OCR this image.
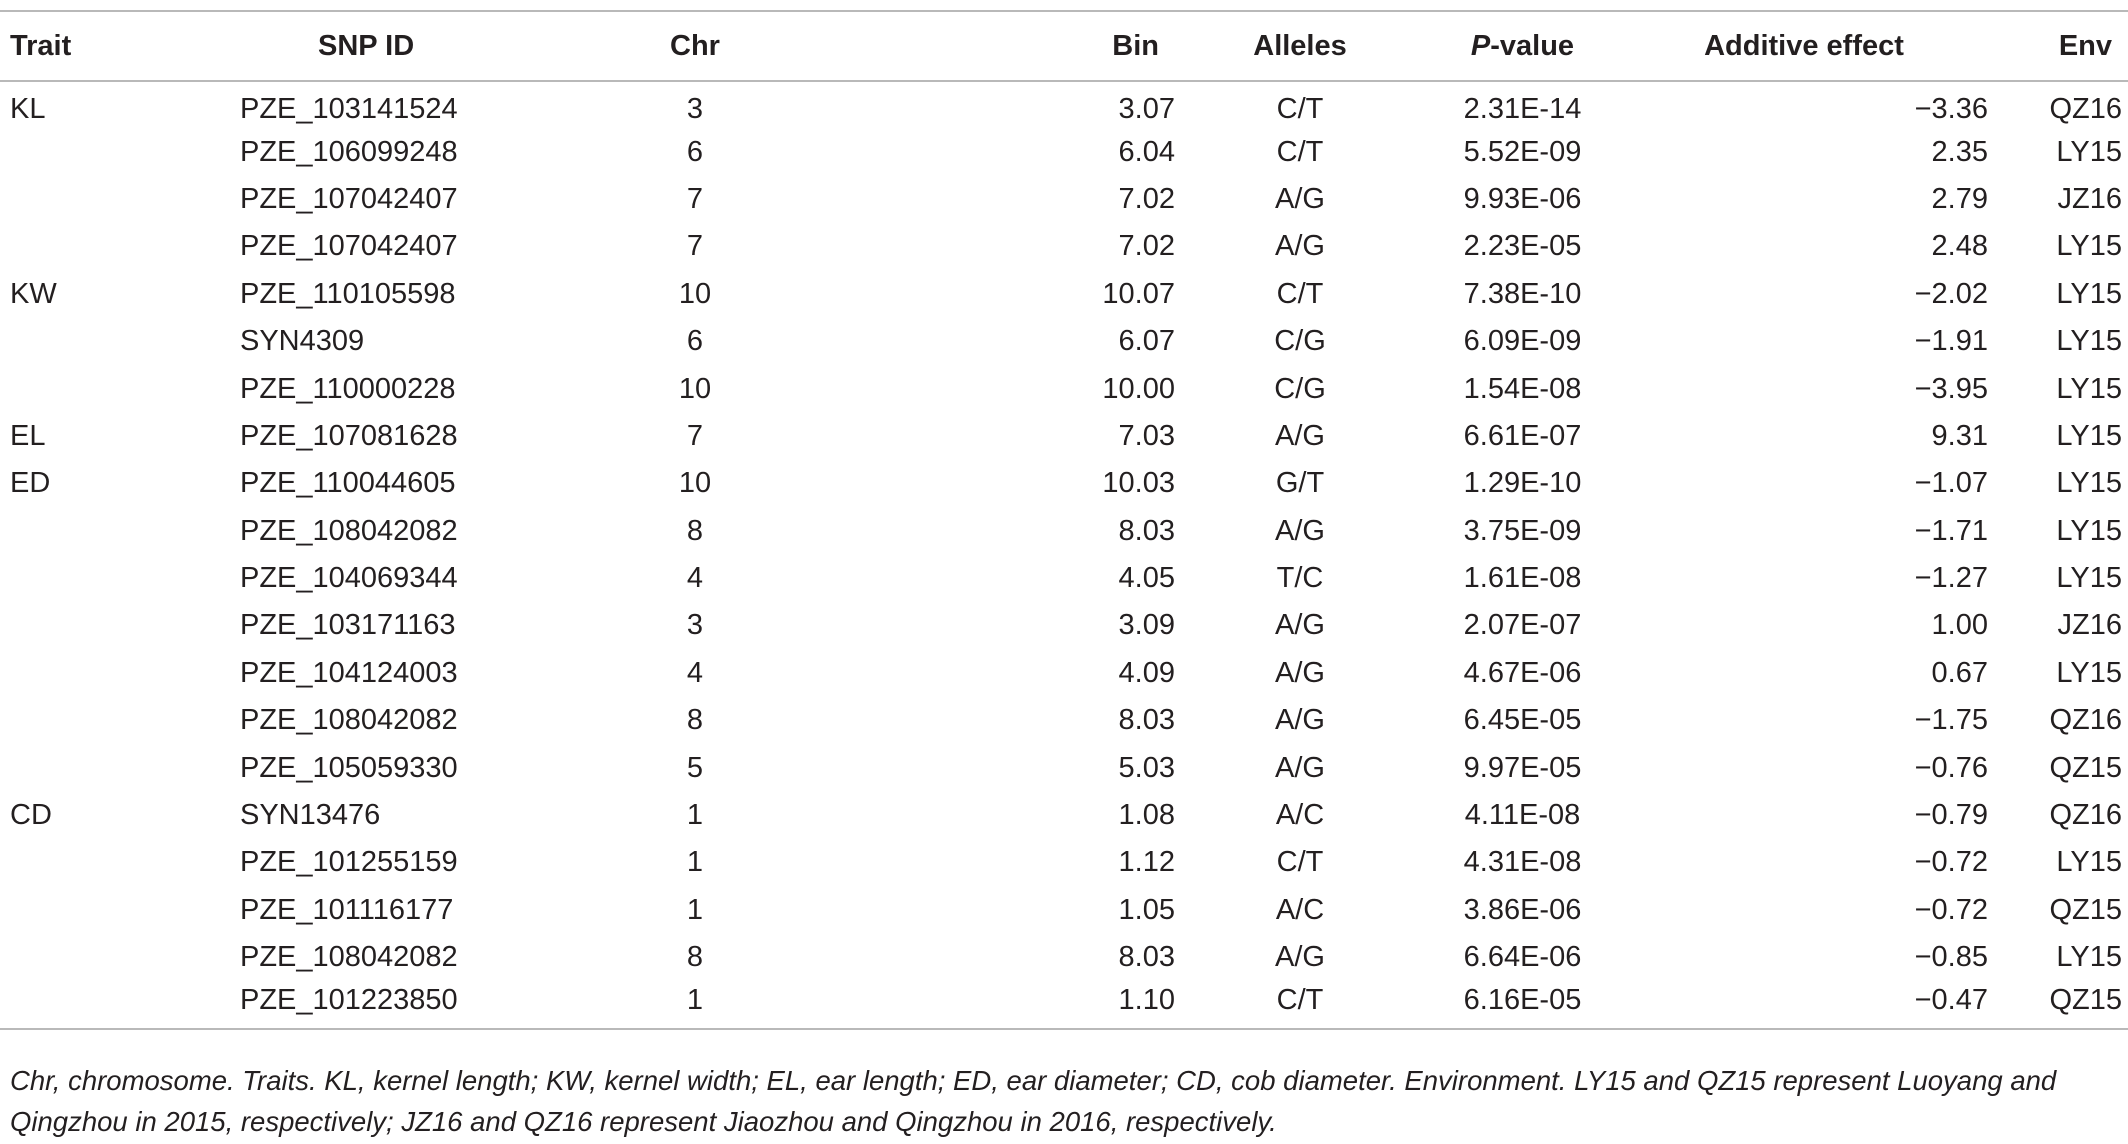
Trait	SNP ID	Chr	Bin	Alleles	P-value	Additive effect	Env
KL	PZE_103141524	3	3.07	C/T	2.31E-14	−3.36	QZ16
	PZE_106099248	6	6.04	C/T	5.52E-09	2.35	LY15
	PZE_107042407	7	7.02	A/G	9.93E-06	2.79	JZ16
	PZE_107042407	7	7.02	A/G	2.23E-05	2.48	LY15
KW	PZE_110105598	10	10.07	C/T	7.38E-10	−2.02	LY15
	SYN4309	6	6.07	C/G	6.09E-09	−1.91	LY15
	PZE_110000228	10	10.00	C/G	1.54E-08	−3.95	LY15
EL	PZE_107081628	7	7.03	A/G	6.61E-07	9.31	LY15
ED	PZE_110044605	10	10.03	G/T	1.29E-10	−1.07	LY15
	PZE_108042082	8	8.03	A/G	3.75E-09	−1.71	LY15
	PZE_104069344	4	4.05	T/C	1.61E-08	−1.27	LY15
	PZE_103171163	3	3.09	A/G	2.07E-07	1.00	JZ16
	PZE_104124003	4	4.09	A/G	4.67E-06	0.67	LY15
	PZE_108042082	8	8.03	A/G	6.45E-05	−1.75	QZ16
	PZE_105059330	5	5.03	A/G	9.97E-05	−0.76	QZ15
CD	SYN13476	1	1.08	A/C	4.11E-08	−0.79	QZ16
	PZE_101255159	1	1.12	C/T	4.31E-08	−0.72	LY15
	PZE_101116177	1	1.05	A/C	3.86E-06	−0.72	QZ15
	PZE_108042082	8	8.03	A/G	6.64E-06	−0.85	LY15
	PZE_101223850	1	1.10	C/T	6.16E-05	−0.47	QZ15
Chr, chromosome. Traits. KL, kernel length; KW, kernel width; EL, ear length; ED, ear diameter; CD, cob diameter. Environment. LY15 and QZ15 represent Luoyang and Qingzhou in 2015, respectively; JZ16 and QZ16 represent Jiaozhou and Qingzhou in 2016, respectively.
